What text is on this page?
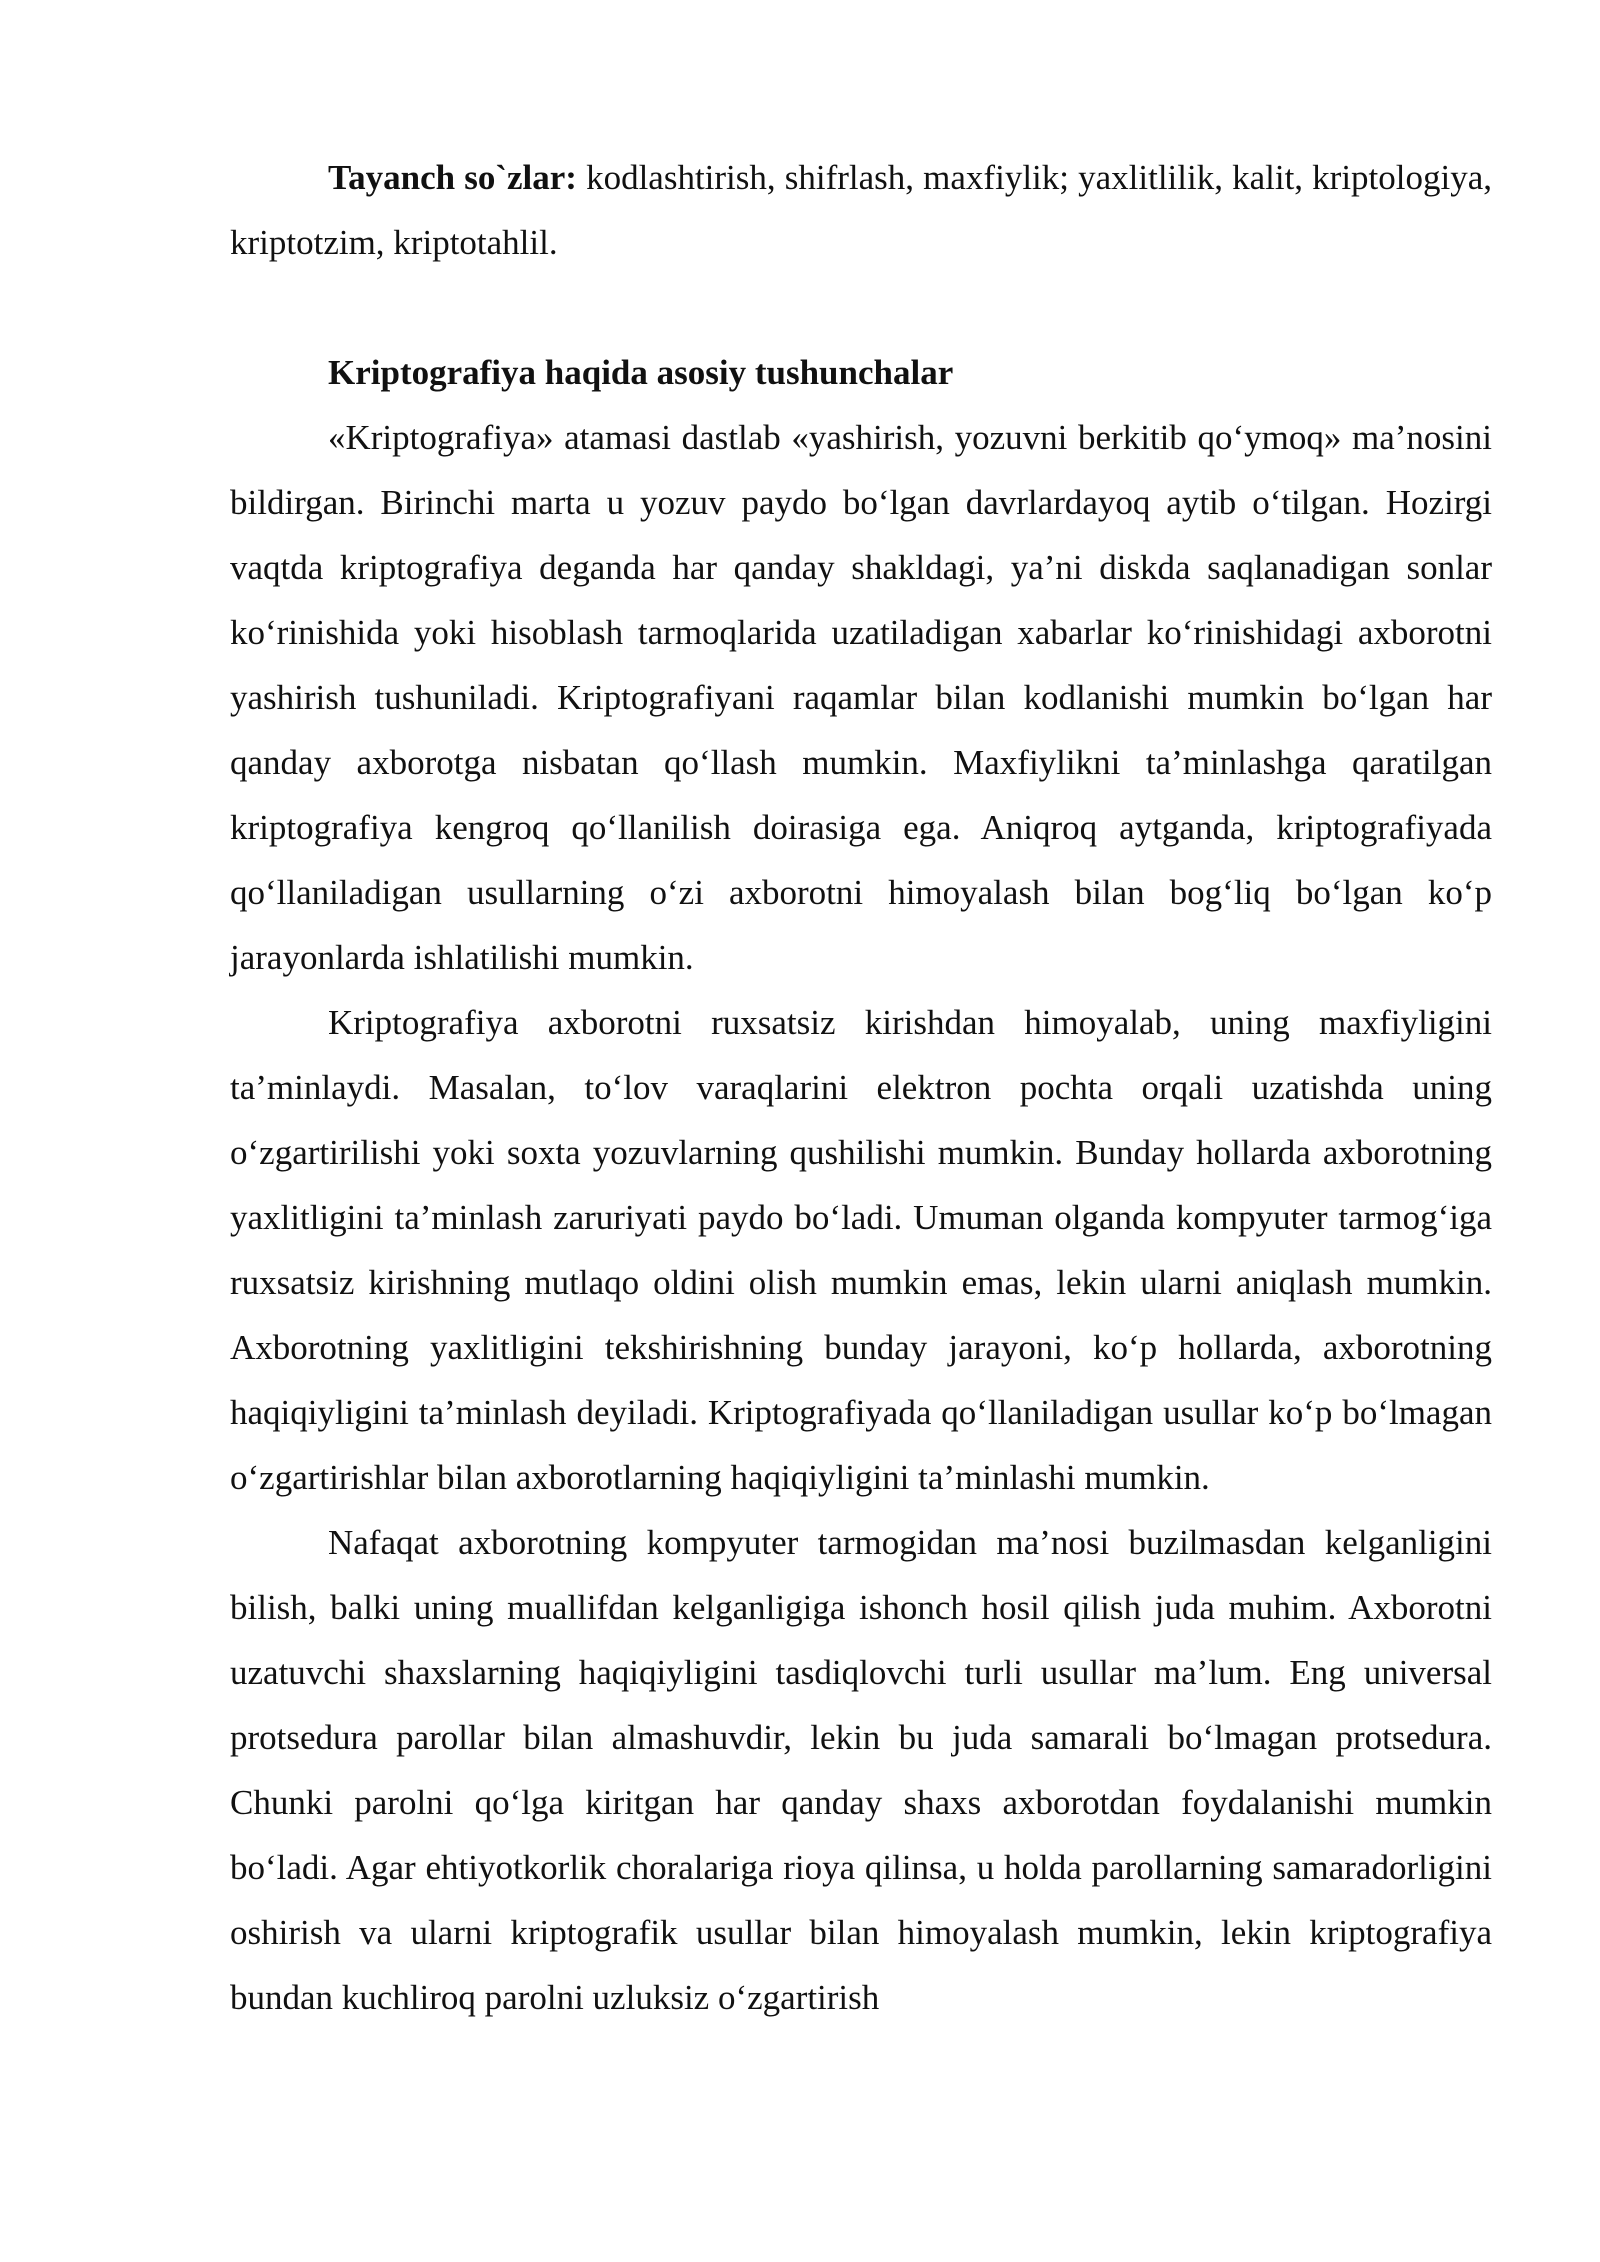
Tayanch so`zlar: kodlashtirish, shifrlash, maxfiylik; yaxlitlilik, kalit, kriptologiya, kriptotzim, kriptotahlil.

Kriptografiya haqida asosiy tushunchalar

«Kriptografiya» atamasi dastlab «yashirish, yozuvni berkitib qo‘ymoq» ma’nosini bildirgan. Birinchi marta u yozuv paydo bo‘lgan davrlardayoq aytib o‘tilgan. Hozirgi vaqtda kriptografiya deganda har qanday shakldagi, ya’ni diskda saqlanadigan sonlar ko‘rinishida yoki hisoblash tarmoqlarida uzatiladigan xabarlar ko‘rinishidagi axborotni yashirish tushuniladi. Kriptografiyani raqamlar bilan kodlanishi mumkin bo‘lgan har qanday axborotga nisbatan qo‘llash mumkin. Maxfiylikni ta’minlashga qaratilgan kriptografiya kengroq qo‘llanilish doirasiga ega. Aniqroq aytganda, kriptografiyada qo‘llaniladigan usullarning o‘zi axborotni himoyalash bilan bog‘liq bo‘lgan ko‘p jarayonlarda ishlatilishi mumkin.

Kriptografiya axborotni ruxsatsiz kirishdan himoyalab, uning maxfiyligini ta’minlaydi. Masalan, to‘lov varaqlarini elektron pochta orqali uzatishda uning o‘zgartirilishi yoki soxta yozuvlarning qushilishi mumkin. Bunday hollarda axborotning yaxlitligini ta’minlash zaruriyati paydo bo‘ladi. Umuman olganda kompyuter tarmog‘iga ruxsatsiz kirishning mutlaqo oldini olish mumkin emas, lekin ularni aniqlash mumkin. Axborotning yaxlitligini tekshirishning bunday jarayoni, ko‘p hollarda, axborotning haqiqiyligini ta’minlash deyiladi. Kriptografiyada qo‘llaniladigan usullar ko‘p bo‘lmagan o‘zgartirishlar bilan axborotlarning haqiqiyligini ta’minlashi mumkin.

Nafaqat axborotning kompyuter tarmogidan ma’nosi buzilmasdan kelganligini bilish, balki uning muallifdan kelganligiga ishonch hosil qilish juda muhim. Axborotni uzatuvchi shaxslarning haqiqiyligini tasdiqlovchi turli usullar ma’lum. Eng universal protsedura parollar bilan almashuvdir, lekin bu juda samarali bo‘lmagan protsedura. Chunki parolni qo‘lga kiritgan har qanday shaxs axborotdan foydalanishi mumkin bo‘ladi. Agar ehtiyotkorlik choralariga rioya qilinsa, u holda parollarning samaradorligini oshirish va ularni kriptografik usullar bilan himoyalash mumkin, lekin kriptografiya bundan kuchliroq parolni uzluksiz o‘zgartirish
